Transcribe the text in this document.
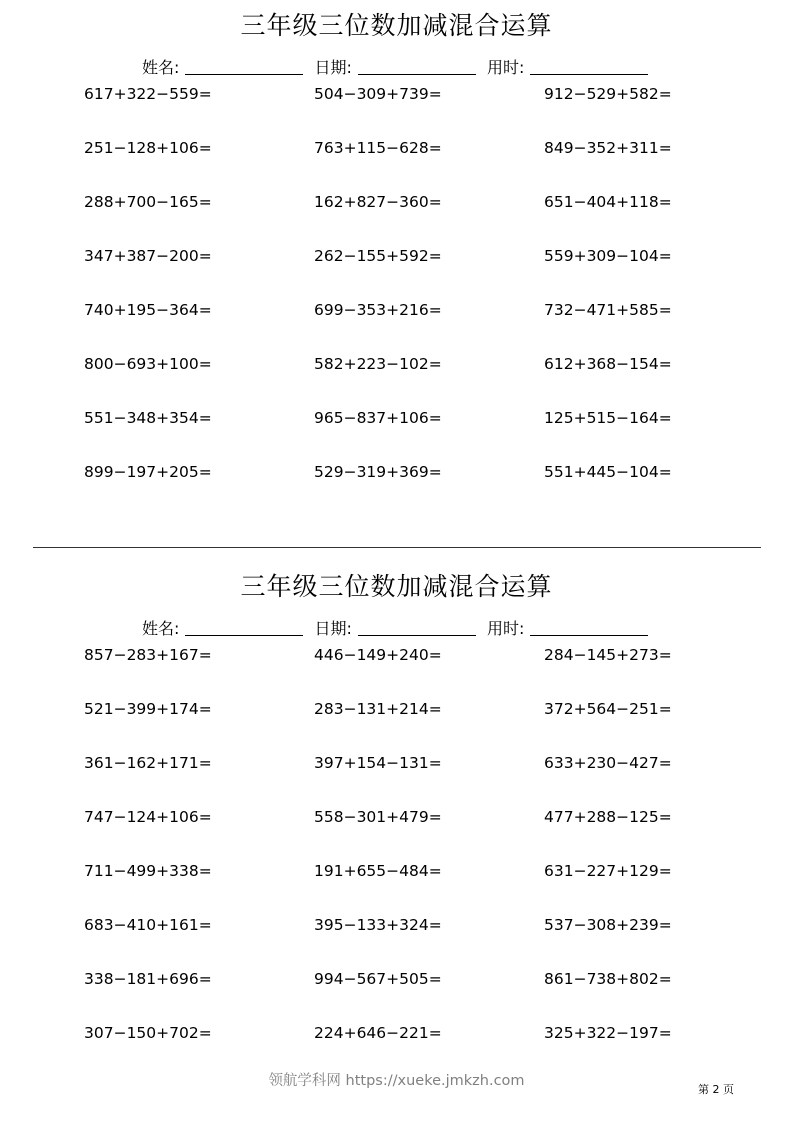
三年级三位数加减混合运算
姓名:	日期:	用时:
617+322−559=	504−309+739=	912−529+582=
251−128+106=	763+115−628=	849−352+311=
288+700−165=	162+827−360=	651−404+118=
347+387−200=	262−155+592=	559+309−104=
740+195−364=	699−353+216=	732−471+585=
800−693+100=	582+223−102=	612+368−154=
551−348+354=	965−837+106=	125+515−164=
899−197+205=	529−319+369=	551+445−104=
三年级三位数加减混合运算
姓名:	日期:	用时:
857−283+167=	446−149+240=	284−145+273=
521−399+174=	283−131+214=	372+564−251=
361−162+171=	397+154−131=	633+230−427=
747−124+106=	558−301+479=	477+288−125=
711−499+338=	191+655−484=	631−227+129=
683−410+161=	395−133+324=	537−308+239=
338−181+696=	994−567+505=	861−738+802=
307−150+702=	224+646−221=	325+322−197=
领航学科网 https://xueke.jmkzh.com
第 2 页
